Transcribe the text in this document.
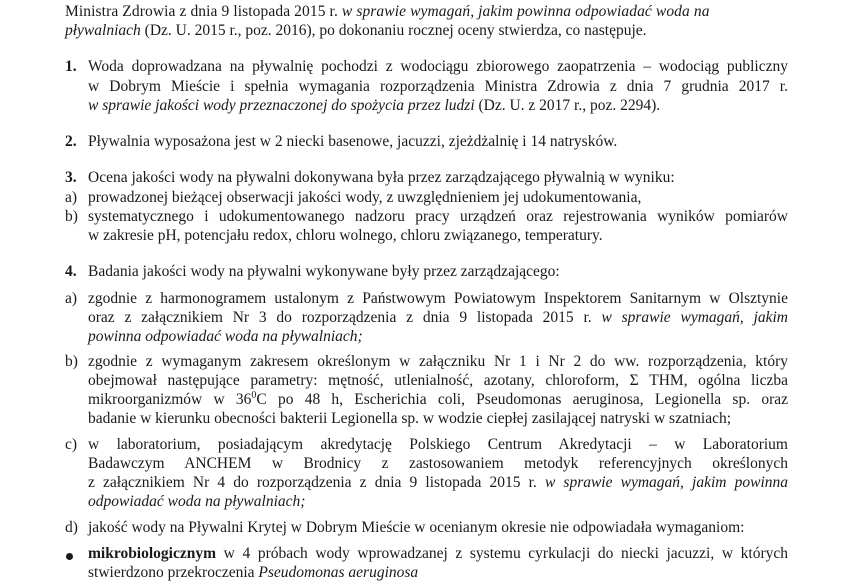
Ministra Zdrowia z dnia 9 listopada 2015 r. w sprawie wymagań, jakim powinna odpowiadać woda na
pływalniach (Dz. U. 2015 r., poz. 2016), po dokonaniu rocznej oceny stwierdza, co następuje.
1. Woda doprowadzana na pływalnię pochodzi z wodociągu zbiorowego zaopatrzenia – wodociąg publiczny
w Dobrym Mieście i spełnia wymagania rozporządzenia Ministra Zdrowia z dnia 7 grudnia 2017 r.
w sprawie jakości wody przeznaczonej do spożycia przez ludzi (Dz. U. z 2017 r., poz. 2294).
2. Pływalnia wyposażona jest w 2 niecki basenowe, jacuzzi, zjeżdżalnię i 14 natrysków.
3. Ocena jakości wody na pływalni dokonywana była przez zarządzającego pływalnią w wyniku:
a) prowadzonej bieżącej obserwacji jakości wody, z uwzględnieniem jej udokumentowania,
b) systematycznego i udokumentowanego nadzoru pracy urządzeń oraz rejestrowania wyników pomiarów
w zakresie pH, potencjału redox, chloru wolnego, chloru związanego, temperatury.
4. Badania jakości wody na pływalni wykonywane były przez zarządzającego:
a) zgodnie z harmonogramem ustalonym z Państwowym Powiatowym Inspektorem Sanitarnym w Olsztynie
oraz z załącznikiem Nr 3 do rozporządzenia z dnia 9 listopada 2015 r. w sprawie wymagań, jakim
powinna odpowiadać woda na pływalniach;
b) zgodnie z wymaganym zakresem określonym w załączniku Nr 1 i Nr 2 do ww. rozporządzenia, który
obejmował następujące parametry: mętność, utlenialność, azotany, chloroform, Σ THM, ogólna liczba
mikroorganizmów w $36^0C$ po 48 h, Escherichia coli, Pseudomonas aeruginosa, Legionella sp. oraz
badanie w kierunku obecności bakterii Legionella sp. w wodzie ciepłej zasilającej natryski w szatniach;
c) w laboratorium, posiadającym akredytację Polskiego Centrum Akredytacji – w Laboratorium
Badawczym ANCHEM w Brodnicy z zastosowaniem metodyk referencyjnych określonych
z załącznikiem Nr 4 do rozporządzenia z dnia 9 listopada 2015 r. w sprawie wymagań, jakim powinna
odpowiadać woda na pływalniach;
d) jakość wody na Pływalni Krytej w Dobrym Mieście w ocenianym okresie nie odpowiadała wymaganiom:
mikrobiologicznym w 4 próbach wody wprowadzanej z systemu cyrkulacji do niecki jacuzzi, w których
stwierdzono przekroczenia Pseudomonas aeruginosa
